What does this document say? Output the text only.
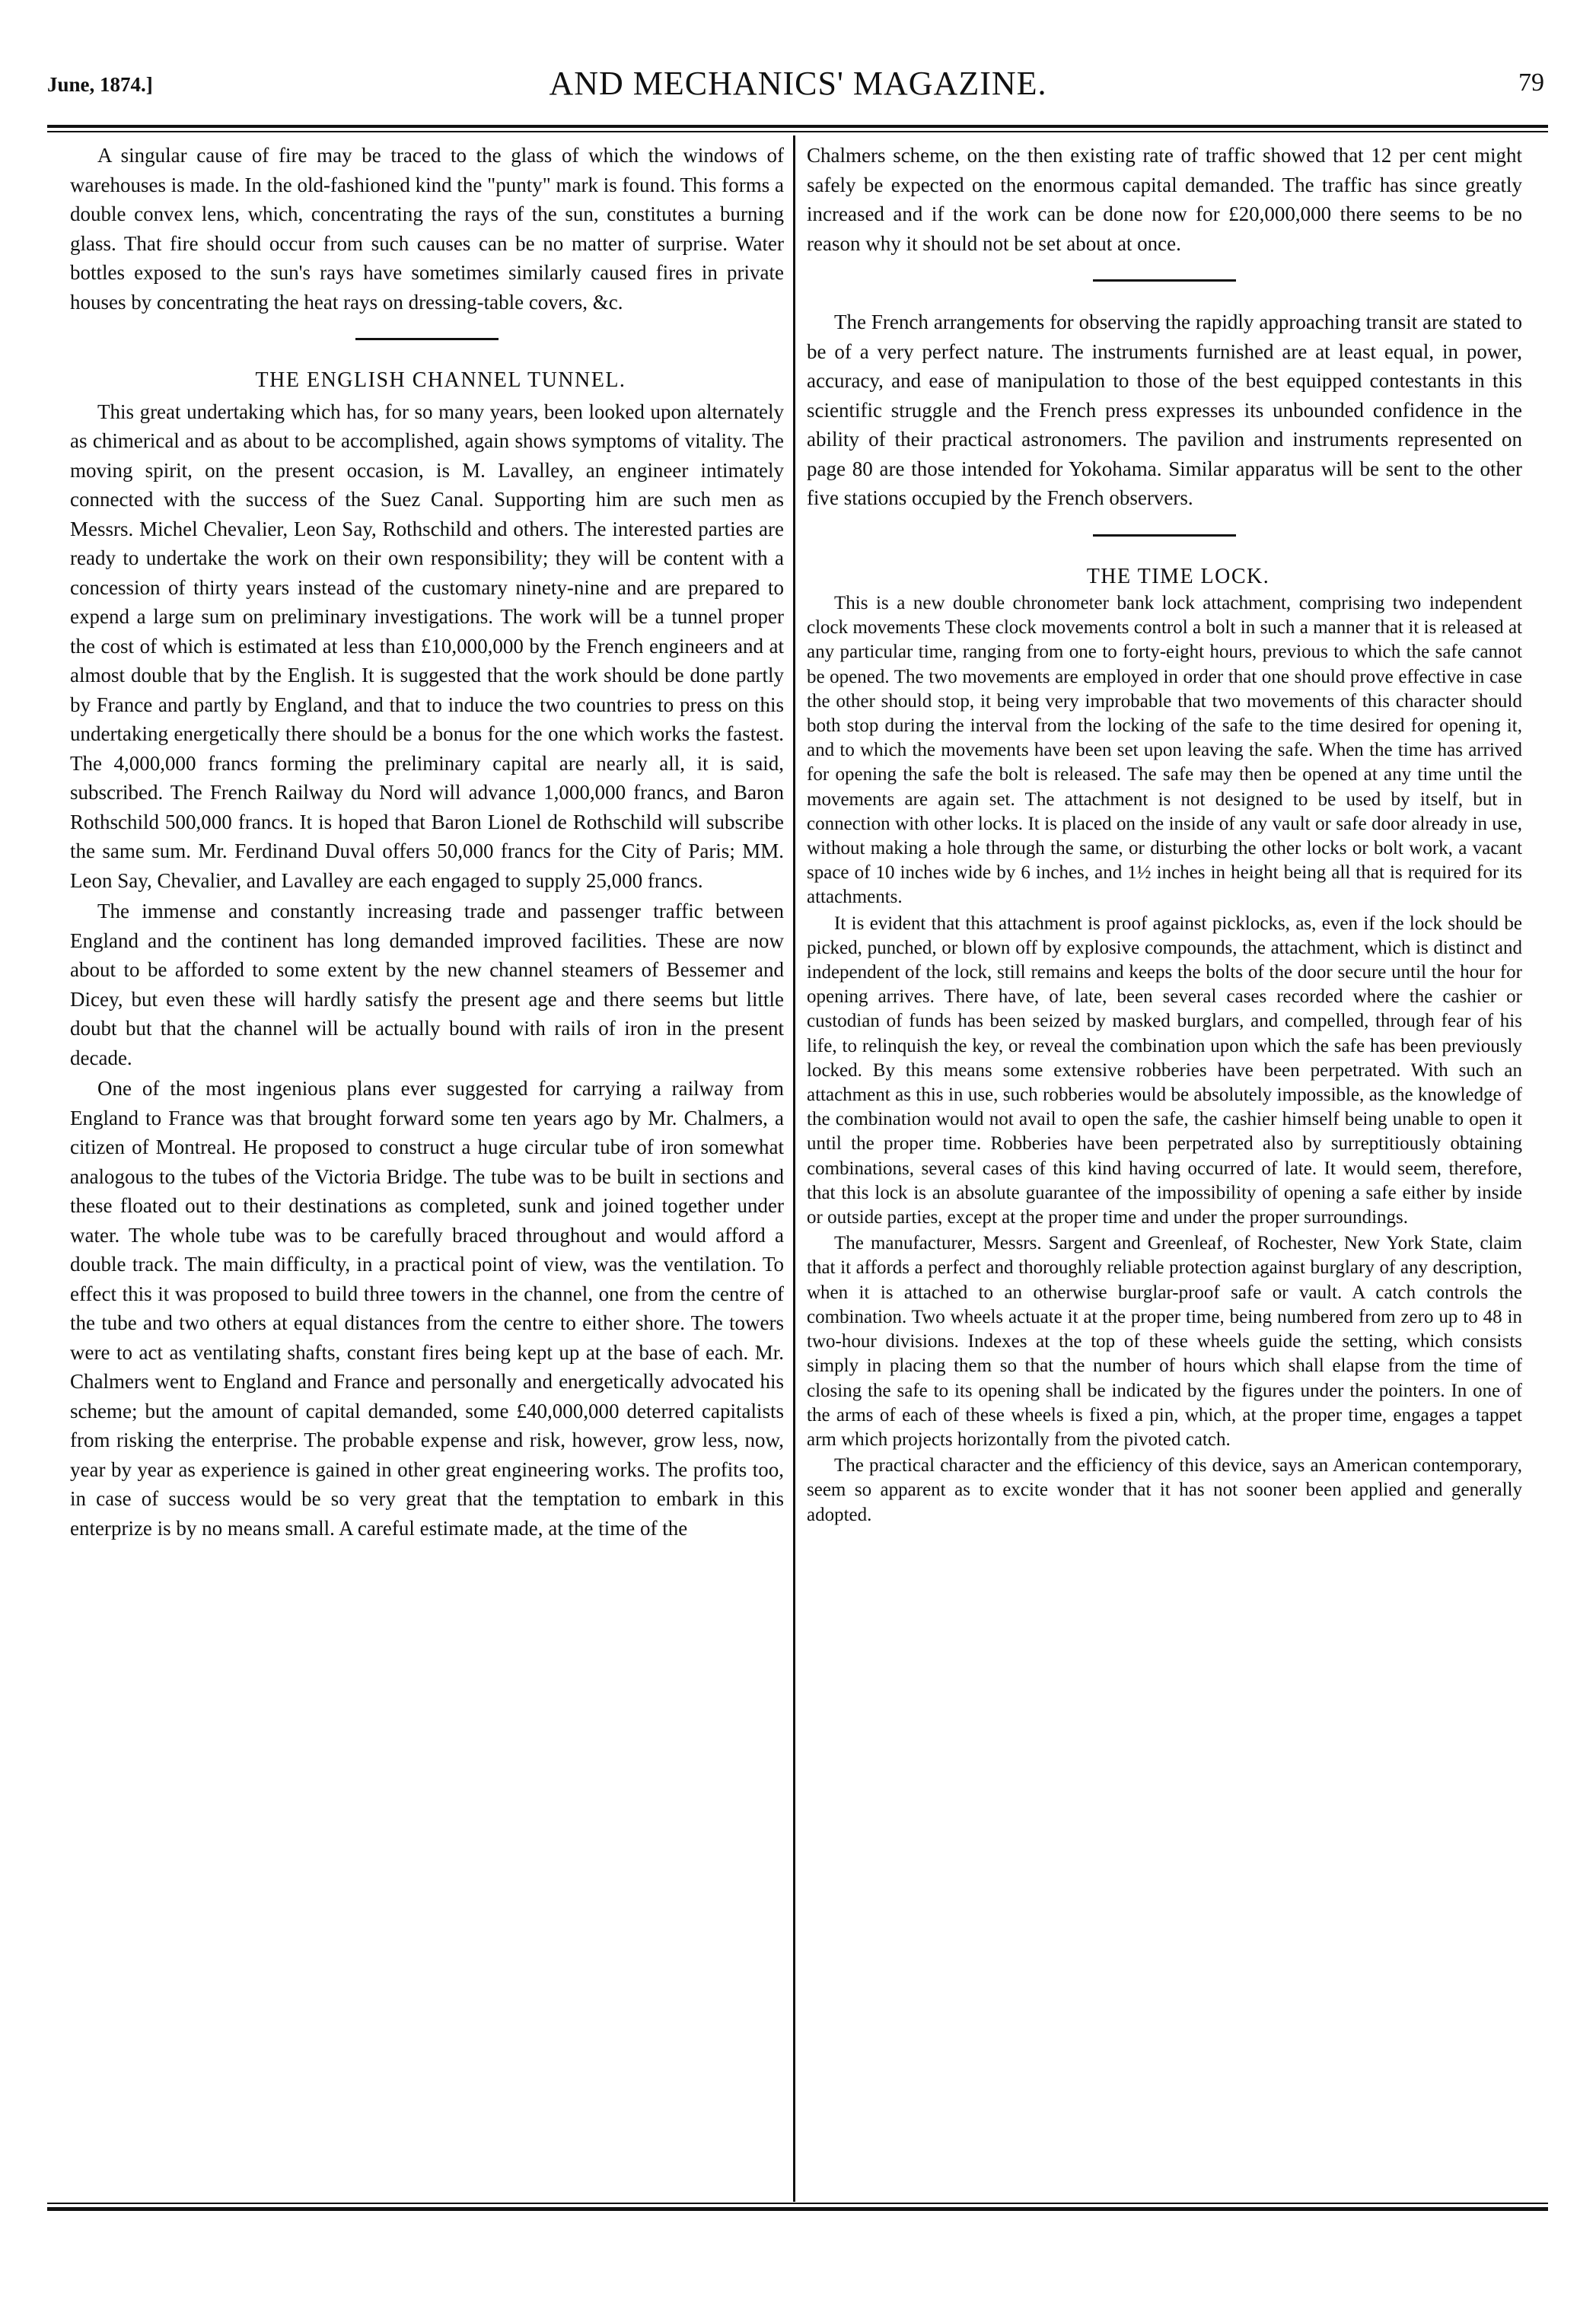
June, 1874.]	AND MECHANICS' MAGAZINE.	79

A singular cause of fire may be traced to the glass of which the windows of warehouses is made. In the old-fashioned kind the "punty" mark is found. This forms a double convex lens, which, concentrating the rays of the sun, constitutes a burning glass. That fire should occur from such causes can be no matter of surprise. Water bottles exposed to the sun's rays have sometimes similarly caused fires in private houses by concentrating the heat rays on dressing-table covers, &c.

THE ENGLISH CHANNEL TUNNEL.

This great undertaking which has, for so many years, been looked upon alternately as chimerical and as about to be accomplished, again shows symptoms of vitality. The moving spirit, on the present occasion, is M. Lavalley, an engineer intimately connected with the success of the Suez Canal. Supporting him are such men as Messrs. Michel Chevalier, Leon Say, Rothschild and others. The interested parties are ready to undertake the work on their own responsibility; they will be content with a concession of thirty years instead of the customary ninety-nine and are prepared to expend a large sum on preliminary investigations. The work will be a tunnel proper the cost of which is estimated at less than £10,000,000 by the French engineers and at almost double that by the English. It is suggested that the work should be done partly by France and partly by England, and that to induce the two countries to press on this undertaking energetically there should be a bonus for the one which works the fastest. The 4,000,000 francs forming the preliminary capital are nearly all, it is said, subscribed. The French Railway du Nord will advance 1,000,000 francs, and Baron Rothschild 500,000 francs. It is hoped that Baron Lionel de Rothschild will subscribe the same sum. Mr. Ferdinand Duval offers 50,000 francs for the City of Paris; MM. Leon Say, Chevalier, and Lavalley are each engaged to supply 25,000 francs.

The immense and constantly increasing trade and passenger traffic between England and the continent has long demanded improved facilities. These are now about to be afforded to some extent by the new channel steamers of Bessemer and Dicey, but even these will hardly satisfy the present age and there seems but little doubt but that the channel will be actually bound with rails of iron in the present decade.

One of the most ingenious plans ever suggested for carrying a railway from England to France was that brought forward some ten years ago by Mr. Chalmers, a citizen of Montreal. He proposed to construct a huge circular tube of iron somewhat analogous to the tubes of the Victoria Bridge. The tube was to be built in sections and these floated out to their destinations as completed, sunk and joined together under water. The whole tube was to be carefully braced throughout and would afford a double track. The main difficulty, in a practical point of view, was the ventilation. To effect this it was proposed to build three towers in the channel, one from the centre of the tube and two others at equal distances from the centre to either shore. The towers were to act as ventilating shafts, constant fires being kept up at the base of each. Mr. Chalmers went to England and France and personally and energetically advocated his scheme; but the amount of capital demanded, some £40,000,000 deterred capitalists from risking the enterprise. The probable expense and risk, however, grow less, now, year by year as experience is gained in other great engineering works. The profits too, in case of success would be so very great that the temptation to embark in this enterprize is by no means small. A careful estimate made, at the time of the

Chalmers scheme, on the then existing rate of traffic showed that 12 per cent might safely be expected on the enormous capital demanded. The traffic has since greatly increased and if the work can be done now for £20,000,000 there seems to be no reason why it should not be set about at once.

The French arrangements for observing the rapidly approaching transit are stated to be of a very perfect nature. The instruments furnished are at least equal, in power, accuracy, and ease of manipulation to those of the best equipped contestants in this scientific struggle and the French press expresses its unbounded confidence in the ability of their practical astronomers. The pavilion and instruments represented on page 80 are those intended for Yokohama. Similar apparatus will be sent to the other five stations occupied by the French observers.

THE TIME LOCK.

This is a new double chronometer bank lock attachment, comprising two independent clock movements These clock movements control a bolt in such a manner that it is released at any particular time, ranging from one to forty-eight hours, previous to which the safe cannot be opened. The two movements are employed in order that one should prove effective in case the other should stop, it being very improbable that two movements of this character should both stop during the interval from the locking of the safe to the time desired for opening it, and to which the movements have been set upon leaving the safe. When the time has arrived for opening the safe the bolt is released. The safe may then be opened at any time until the movements are again set. The attachment is not designed to be used by itself, but in connection with other locks. It is placed on the inside of any vault or safe door already in use, without making a hole through the same, or disturbing the other locks or bolt work, a vacant space of 10 inches wide by 6 inches, and 1½ inches in height being all that is required for its attachments.

It is evident that this attachment is proof against picklocks, as, even if the lock should be picked, punched, or blown off by explosive compounds, the attachment, which is distinct and independent of the lock, still remains and keeps the bolts of the door secure until the hour for opening arrives. There have, of late, been several cases recorded where the cashier or custodian of funds has been seized by masked burglars, and compelled, through fear of his life, to relinquish the key, or reveal the combination upon which the safe has been previously locked. By this means some extensive robberies have been perpetrated. With such an attachment as this in use, such robberies would be absolutely impossible, as the knowledge of the combination would not avail to open the safe, the cashier himself being unable to open it until the proper time. Robberies have been perpetrated also by surreptitiously obtaining combinations, several cases of this kind having occurred of late. It would seem, therefore, that this lock is an absolute guarantee of the impossibility of opening a safe either by inside or outside parties, except at the proper time and under the proper surroundings.

The manufacturer, Messrs. Sargent and Greenleaf, of Rochester, New York State, claim that it affords a perfect and thoroughly reliable protection against burglary of any description, when it is attached to an otherwise burglar-proof safe or vault. A catch controls the combination. Two wheels actuate it at the proper time, being numbered from zero up to 48 in two-hour divisions. Indexes at the top of these wheels guide the setting, which consists simply in placing them so that the number of hours which shall elapse from the time of closing the safe to its opening shall be indicated by the figures under the pointers. In one of the arms of each of these wheels is fixed a pin, which, at the proper time, engages a tappet arm which projects horizontally from the pivoted catch.

The practical character and the efficiency of this device, says an American contemporary, seem so apparent as to excite wonder that it has not sooner been applied and generally adopted.
